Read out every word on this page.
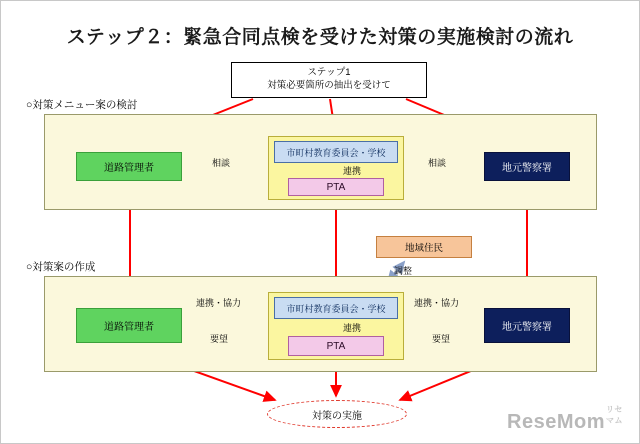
ステップ２：緊急合同点検を受けた対策の実施検討の流れ
ステップ1
対策必要箇所の抽出を受けて
○対策メニュー案の検討
○対策案の作成
道路管理者	地元警察署
市町村教育委員会・学校
PTA
相談	相談
連携
地域住民
調整
道路管理者	地元警察署
市町村教育委員会・学校
PTA
連携・協力
要望
連携・協力
要望
連携
対策の実施	ReseMom
リセマム
